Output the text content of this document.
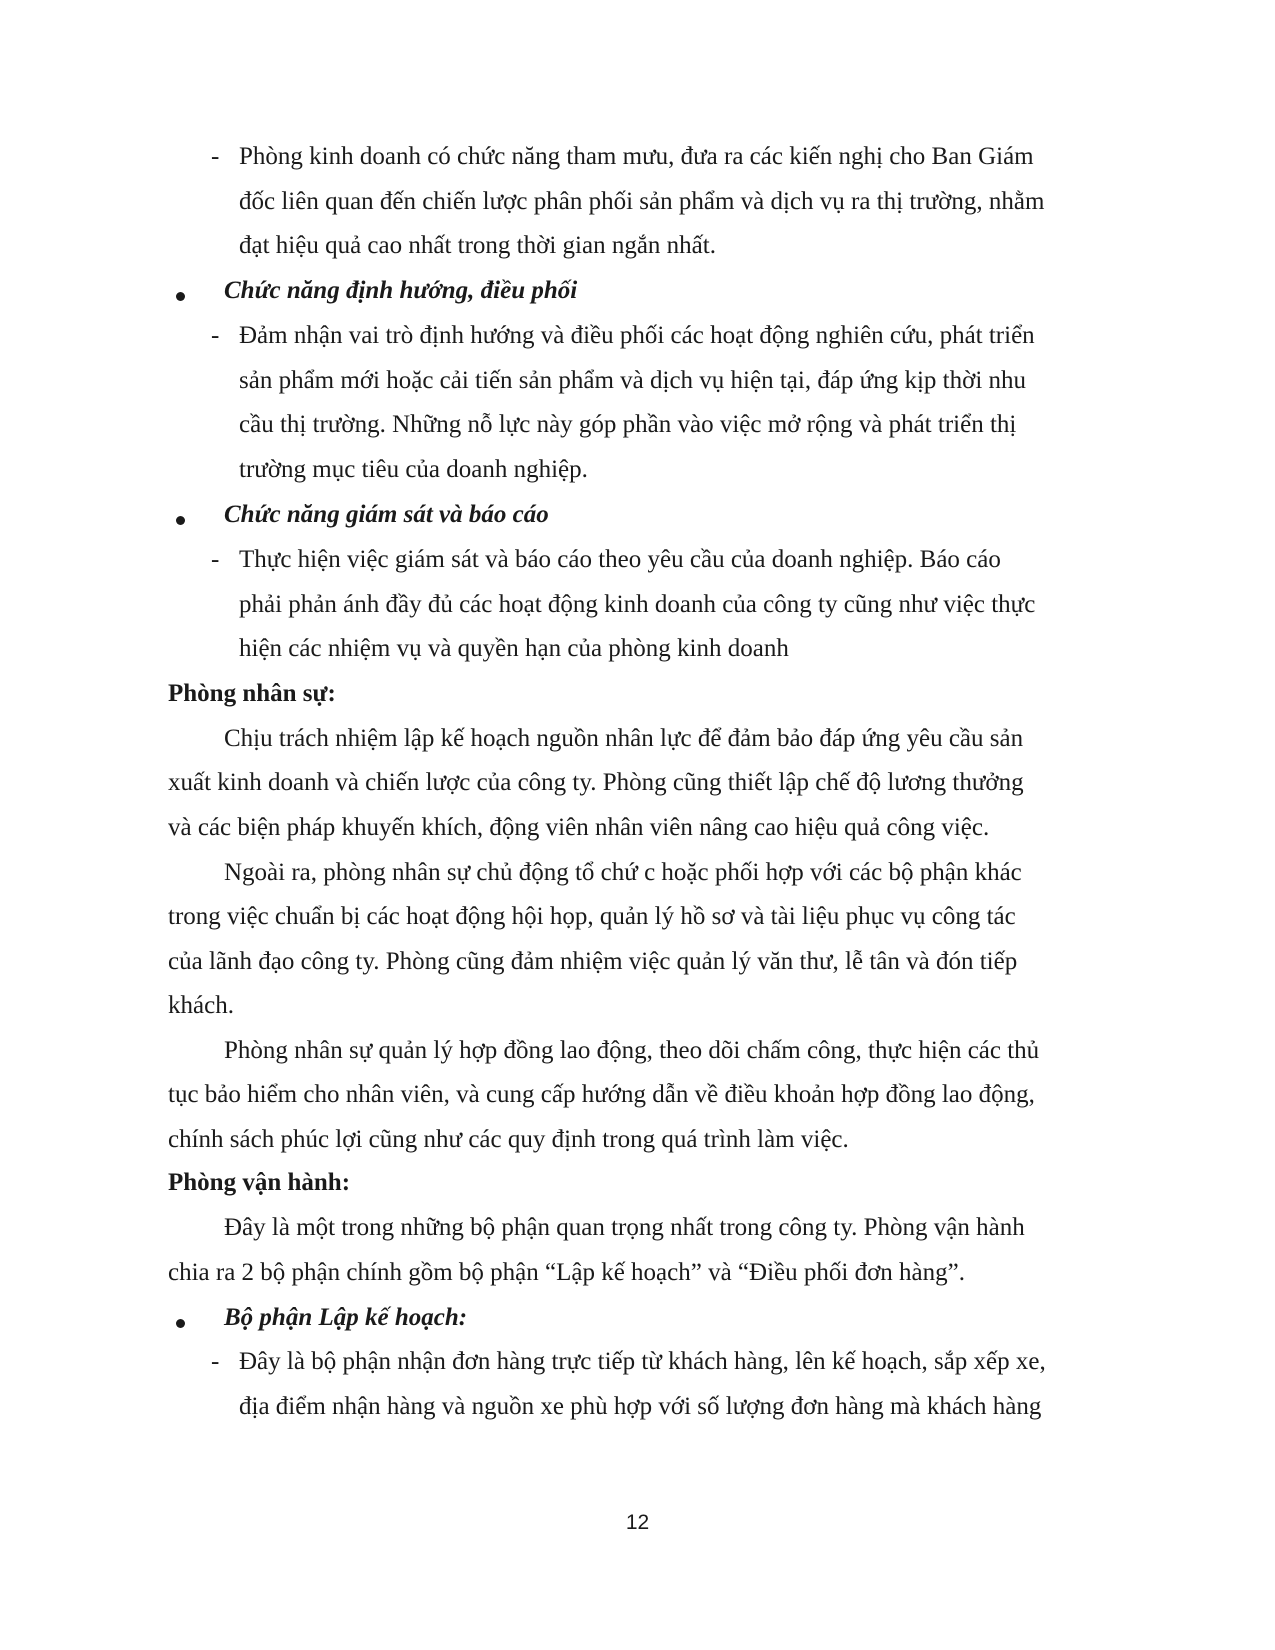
- Phòng kinh doanh có chức năng tham mưu, đưa ra các kiến nghị cho Ban Giám
đốc liên quan đến chiến lược phân phối sản phẩm và dịch vụ ra thị trường, nhằm
đạt hiệu quả cao nhất trong thời gian ngắn nhất.
Chức năng định hướng, điều phối
- Đảm nhận vai trò định hướng và điều phối các hoạt động nghiên cứu, phát triển
sản phẩm mới hoặc cải tiến sản phẩm và dịch vụ hiện tại, đáp ứng kịp thời nhu
cầu thị trường. Những nỗ lực này góp phần vào việc mở rộng và phát triển thị
trường mục tiêu của doanh nghiệp.
Chức năng giám sát và báo cáo
- Thực hiện việc giám sát và báo cáo theo yêu cầu của doanh nghiệp. Báo cáo
phải phản ánh đầy đủ các hoạt động kinh doanh của công ty cũng như việc thực
hiện các nhiệm vụ và quyền hạn của phòng kinh doanh
Phòng nhân sự:
Chịu trách nhiệm lập kế hoạch nguồn nhân lực để đảm bảo đáp ứng yêu cầu sản
xuất kinh doanh và chiến lược của công ty. Phòng cũng thiết lập chế độ lương thưởng
và các biện pháp khuyến khích, động viên nhân viên nâng cao hiệu quả công việc.
Ngoài ra, phòng nhân sự chủ động tổ chứ c hoặc phối hợp với các bộ phận khác
trong việc chuẩn bị các hoạt động hội họp, quản lý hồ sơ và tài liệu phục vụ công tác
của lãnh đạo công ty. Phòng cũng đảm nhiệm việc quản lý văn thư, lễ tân và đón tiếp
khách.
Phòng nhân sự quản lý hợp đồng lao động, theo dõi chấm công, thực hiện các thủ
tục bảo hiểm cho nhân viên, và cung cấp hướng dẫn về điều khoản hợp đồng lao động,
chính sách phúc lợi cũng như các quy định trong quá trình làm việc.
Phòng vận hành:
Đây là một trong những bộ phận quan trọng nhất trong công ty. Phòng vận hành
chia ra 2 bộ phận chính gồm bộ phận “Lập kế hoạch” và “Điều phối đơn hàng”.
Bộ phận Lập kế hoạch:
- Đây là bộ phận nhận đơn hàng trực tiếp từ khách hàng, lên kế hoạch, sắp xếp xe,
địa điểm nhận hàng và nguồn xe phù hợp với số lượng đơn hàng mà khách hàng
12
